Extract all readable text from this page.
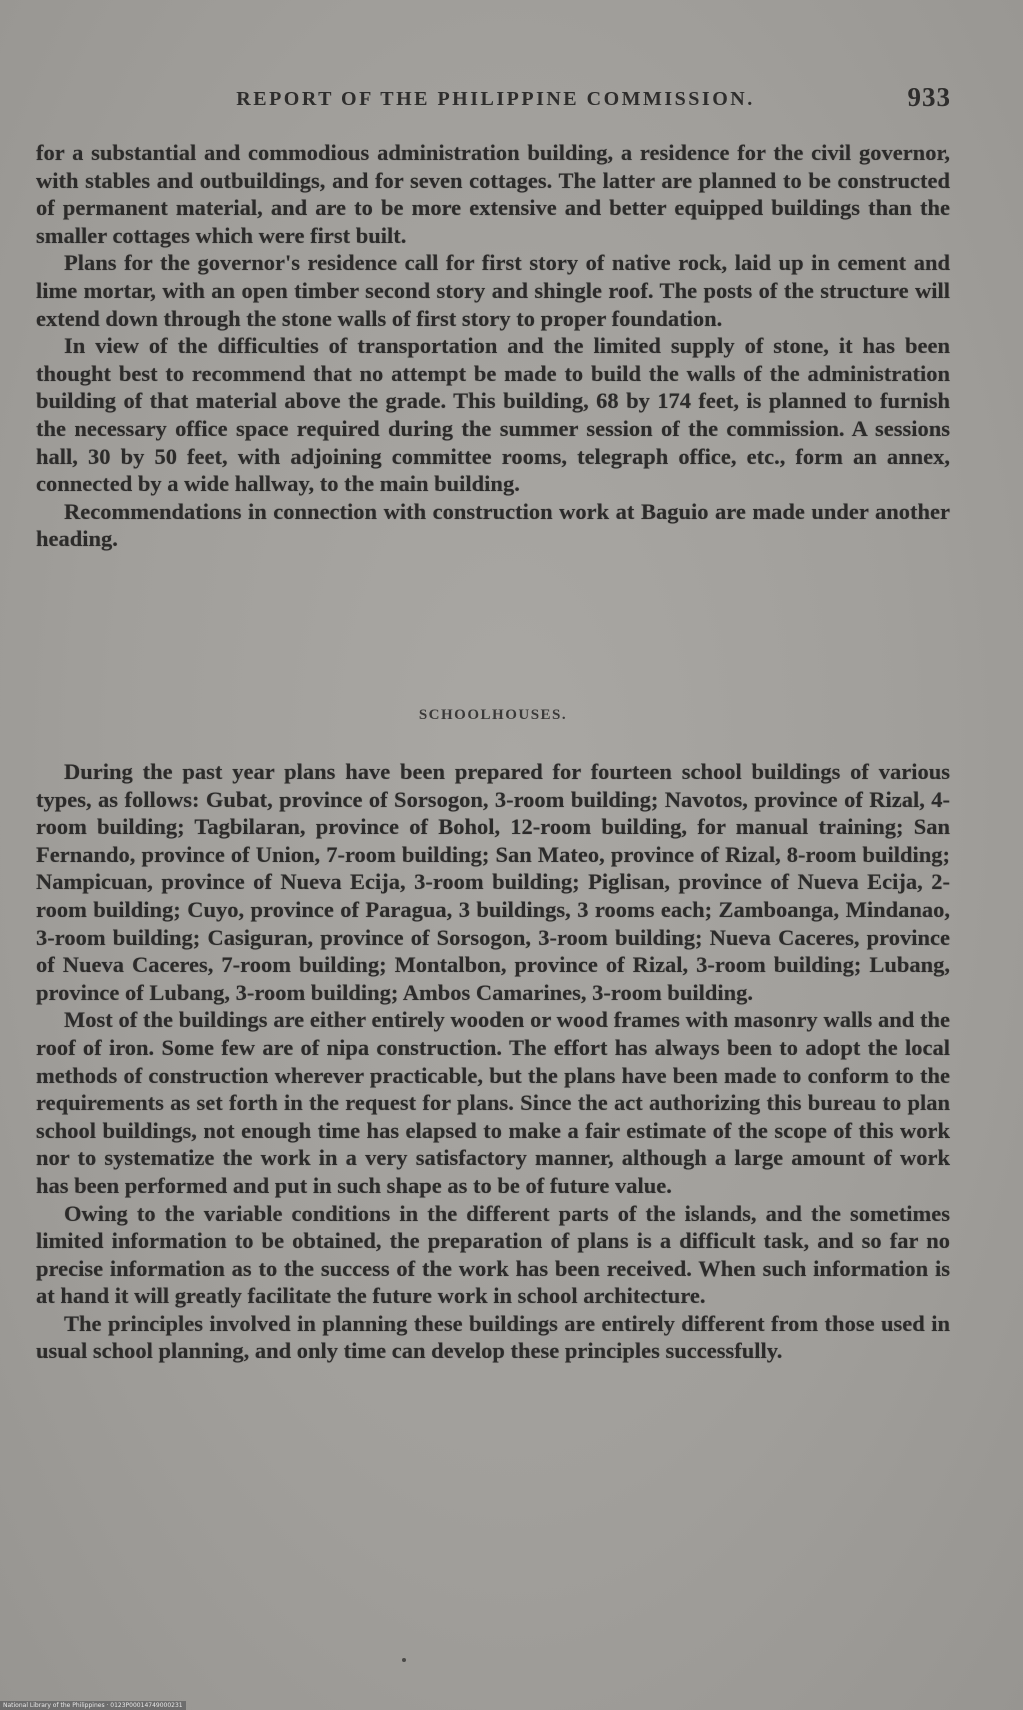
REPORT OF THE PHILIPPINE COMMISSION.	933

for a substantial and commodious administration building, a residence for the civil governor, with stables and outbuildings, and for seven cottages. The latter are planned to be constructed of permanent material, and are to be more extensive and better equipped buildings than the smaller cottages which were first built.

Plans for the governor's residence call for first story of native rock, laid up in cement and lime mortar, with an open timber second story and shingle roof. The posts of the structure will extend down through the stone walls of first story to proper foundation.

In view of the difficulties of transportation and the limited supply of stone, it has been thought best to recommend that no attempt be made to build the walls of the administration building of that material above the grade. This building, 68 by 174 feet, is planned to furnish the necessary office space required during the summer session of the commission. A sessions hall, 30 by 50 feet, with adjoining committee rooms, telegraph office, etc., form an annex, connected by a wide hallway, to the main building.

Recommendations in connection with construction work at Baguio are made under another heading.

SCHOOLHOUSES.

During the past year plans have been prepared for fourteen school buildings of various types, as follows: Gubat, province of Sorsogon, 3-room building; Navotos, province of Rizal, 4-room building; Tagbilaran, province of Bohol, 12-room building, for manual training; San Fernando, province of Union, 7-room building; San Mateo, province of Rizal, 8-room building; Nampicuan, province of Nueva Ecija, 3-room building; Piglisan, province of Nueva Ecija, 2-room building; Cuyo, province of Paragua, 3 buildings, 3 rooms each; Zamboanga, Mindanao, 3-room building; Casiguran, province of Sorsogon, 3-room building; Nueva Caceres, province of Nueva Caceres, 7-room building; Montalbon, province of Rizal, 3-room building; Lubang, province of Lubang, 3-room building; Ambos Camarines, 3-room building.

Most of the buildings are either entirely wooden or wood frames with masonry walls and the roof of iron. Some few are of nipa construction. The effort has always been to adopt the local methods of construction wherever practicable, but the plans have been made to conform to the requirements as set forth in the request for plans. Since the act authorizing this bureau to plan school buildings, not enough time has elapsed to make a fair estimate of the scope of this work nor to systematize the work in a very satisfactory manner, although a large amount of work has been performed and put in such shape as to be of future value.

Owing to the variable conditions in the different parts of the islands, and the sometimes limited information to be obtained, the preparation of plans is a difficult task, and so far no precise information as to the success of the work has been received. When such information is at hand it will greatly facilitate the future work in school architecture.

The principles involved in planning these buildings are entirely different from those used in usual school planning, and only time can develop these principles successfully.

National Library of the Philippines · 0123P00014749000231
